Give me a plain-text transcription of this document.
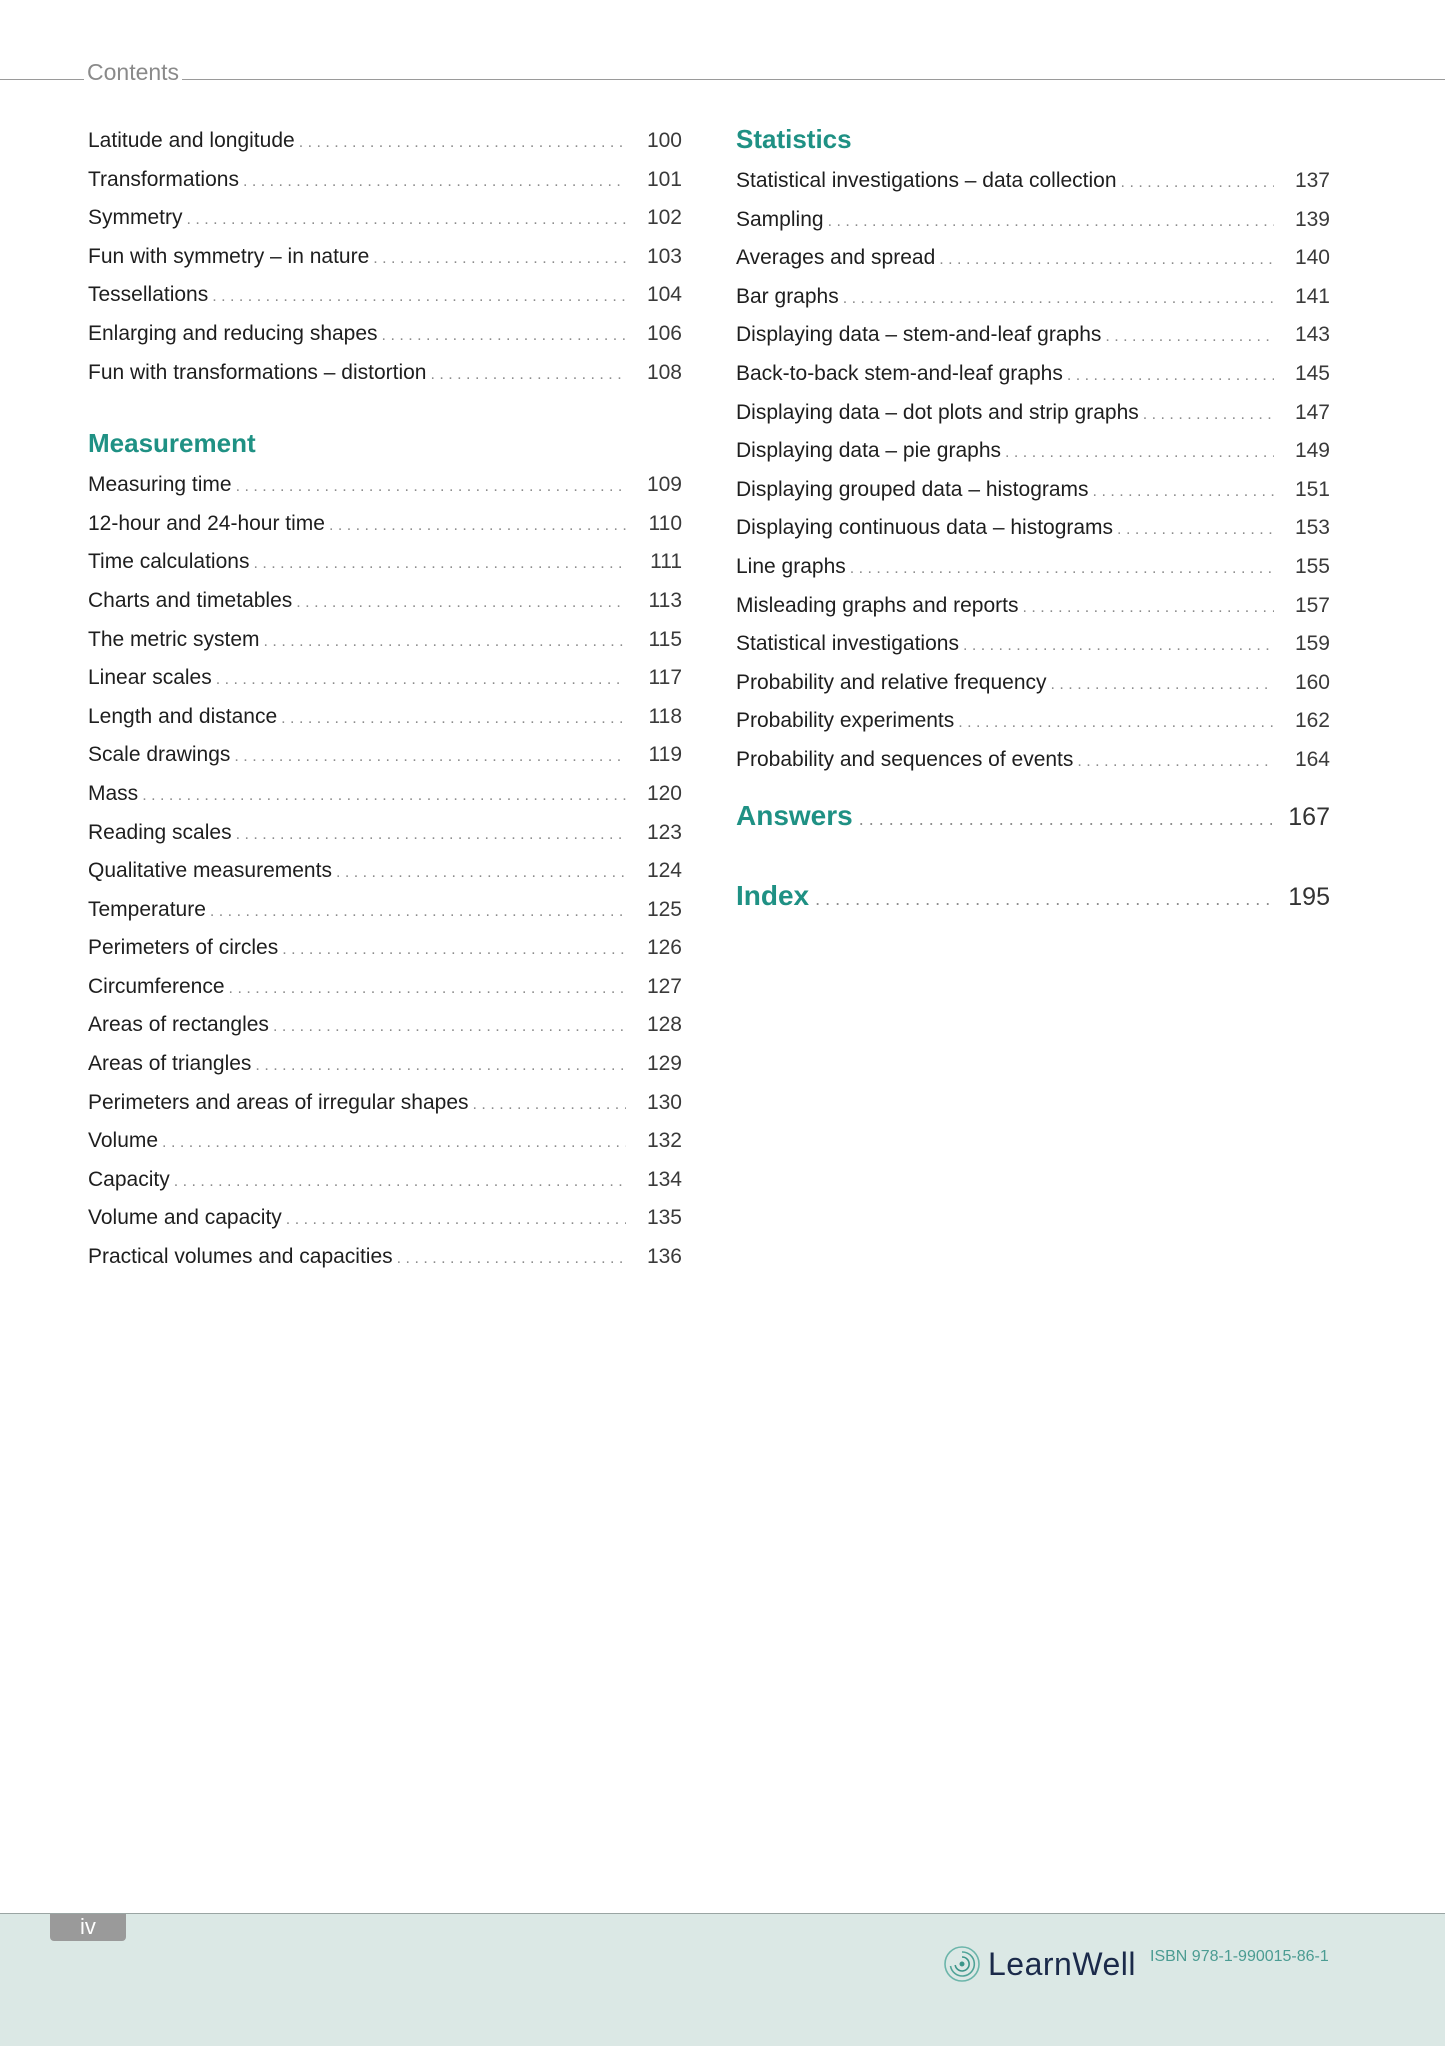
Contents
Latitude and longitude . . .	100
Transformations . . .	101
Symmetry . . .	102
Fun with symmetry – in nature . . .	103
Tessellations . . .	104
Enlarging and reducing shapes . . .	106
Fun with transformations – distortion . . .	108
Measurement
Measuring time . . .	109
12-hour and 24-hour time . . .	110
Time calculations . . .	111
Charts and timetables . . .	113
The metric system . . .	115
Linear scales . . .	117
Length and distance . . .	118
Scale drawings . . .	119
Mass . . .	120
Reading scales . . .	123
Qualitative measurements . . .	124
Temperature . . .	125
Perimeters of circles . . .	126
Circumference . . .	127
Areas of rectangles . . .	128
Areas of triangles . . .	129
Perimeters and areas of irregular shapes . . .	130
Volume . . .	132
Capacity . . .	134
Volume and capacity . . .	135
Practical volumes and capacities . . .	136
Statistics
Statistical investigations – data collection . . .	137
Sampling . . .	139
Averages and spread . . .	140
Bar graphs . . .	141
Displaying data – stem-and-leaf graphs . . .	143
Back-to-back stem-and-leaf graphs . . .	145
Displaying data – dot plots and strip graphs . . .	147
Displaying data – pie graphs . . .	149
Displaying grouped data – histograms . . .	151
Displaying continuous data – histograms . . .	153
Line graphs . . .	155
Misleading graphs and reports . . .	157
Statistical investigations . . .	159
Probability and relative frequency . . .	160
Probability experiments . . .	162
Probability and sequences of events . . .	164
Answers . . .	167
Index . . .	195
iv
LearnWell ISBN 978-1-990015-86-1
